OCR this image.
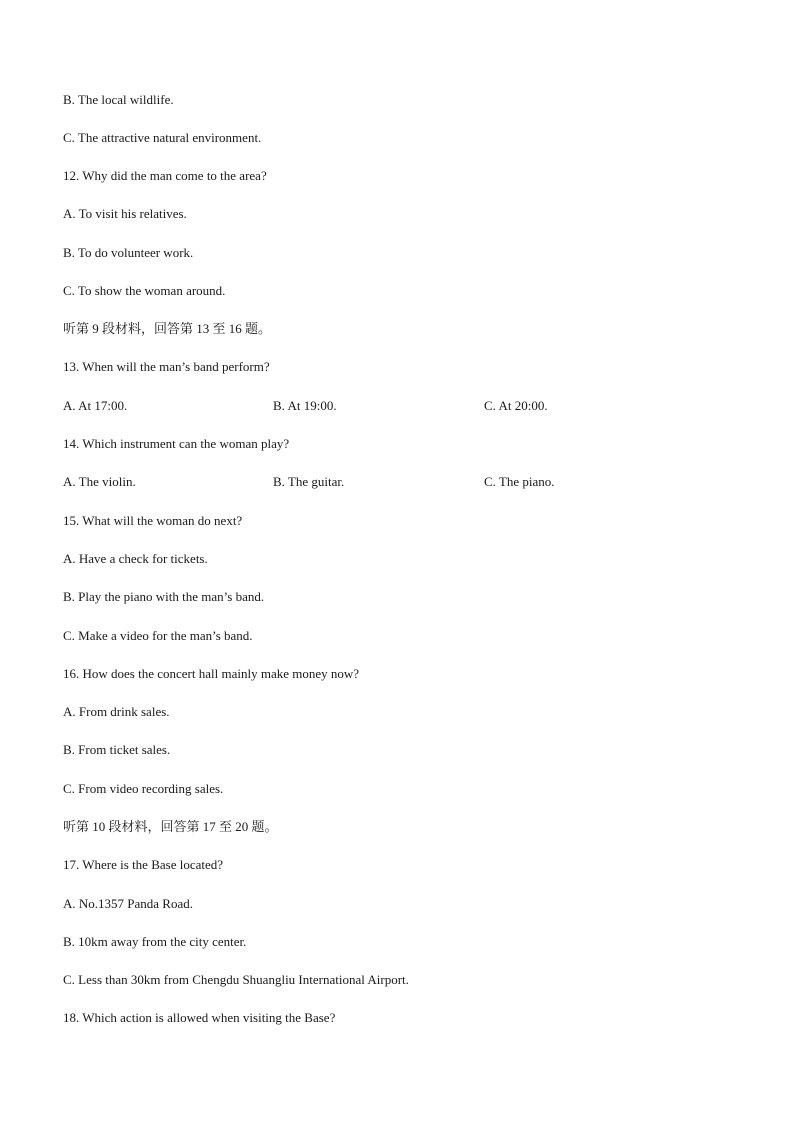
B. The local wildlife.
C. The attractive natural environment.
12. Why did the man come to the area?
A. To visit his relatives.
B. To do volunteer work.
C. To show the woman around.
听第 9 段材料，回答第 13 至 16 题。
13. When will the man’s band perform?
A. At 17:00.	B. At 19:00.	C. At 20:00.
14. Which instrument can the woman play?
A. The violin.	B. The guitar.	C. The piano.
15. What will the woman do next?
A. Have a check for tickets.
B. Play the piano with the man’s band.
C. Make a video for the man’s band.
16. How does the concert hall mainly make money now?
A. From drink sales.
B. From ticket sales.
C. From video recording sales.
听第 10 段材料，回答第 17 至 20 题。
17. Where is the Base located?
A. No.1357 Panda Road.
B. 10km away from the city center.
C. Less than 30km from Chengdu Shuangliu International Airport.
18. Which action is allowed when visiting the Base?
